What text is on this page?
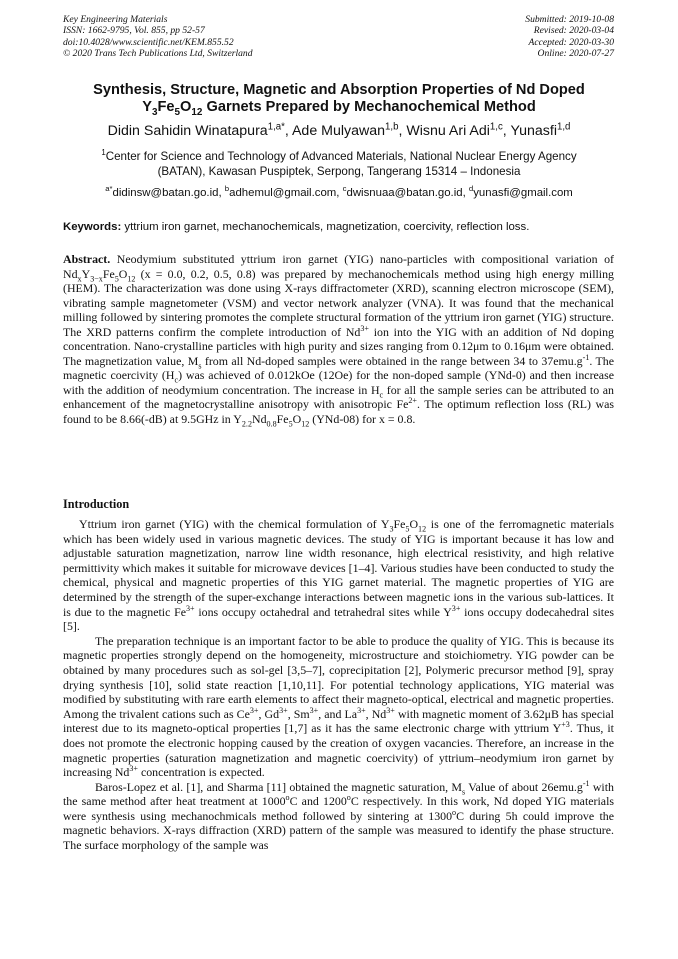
Key Engineering Materials
ISSN: 1662-9795, Vol. 855, pp 52-57
doi:10.4028/www.scientific.net/KEM.855.52
© 2020 Trans Tech Publications Ltd, Switzerland
Submitted: 2019-10-08
Revised: 2020-03-04
Accepted: 2020-03-30
Online: 2020-07-27
Synthesis, Structure, Magnetic and Absorption Properties of Nd Doped
$Y_3Fe_5O_{12}$ Garnets Prepared by Mechanochemical Method
Didin Sahidin Winatapura$^{1,a*}$, Ade Mulyawan$^{1,b}$, Wisnu Ari Adi$^{1,c}$, Yunasfi$^{1,d}$
$^1$Center for Science and Technology of Advanced Materials, National Nuclear Energy Agency
(BATAN), Kawasan Puspiptek, Serpong, Tangerang 15314 – Indonesia
$^{a*}$didinsw@batan.go.id, $^b$adhemul@gmail.com, $^c$dwisnuaa@batan.go.id, $^d$yunasfi@gmail.com
Keywords: yttrium iron garnet, mechanochemicals, magnetization, coercivity, reflection loss.
Abstract. Neodymium substituted yttrium iron garnet (YIG) nano-particles with compositional variation of $Nd_xY_{3-x}Fe_5O_{12}$ (x = 0.0, 0.2, 0.5, 0.8) was prepared by mechanochemicals method using high energy milling (HEM). The characterization was done using X-rays diffractometer (XRD), scanning electron microscope (SEM), vibrating sample magnetometer (VSM) and vector network analyzer (VNA). It was found that the mechanical milling followed by sintering promotes the complete structural formation of the yttrium iron garnet (YIG) structure. The XRD patterns confirm the complete introduction of $Nd^{3+}$ ion into the YIG with an addition of Nd doping concentration. Nano-crystalline particles with high purity and sizes ranging from 0.12μm to 0.16μm were obtained. The magnetization value, $M_s$ from all Nd-doped samples were obtained in the range between 34 to $37emu.g^{-1}$. The magnetic coercivity $(H_c)$ was achieved of 0.012kOe (12Oe) for the non-doped sample (YNd-0) and then increase with the addition of neodymium concentration. The increase in $H_c$ for all the sample series can be attributed to an enhancement of the magnetocrystalline anisotropy with anisotropic $Fe^{2+}$. The optimum reflection loss (RL) was found to be 8.66(-dB) at 9.5GHz in $Y_{2.2}Nd_{0.8}Fe_5O_{12}$ (YNd-08) for x = 0.8.
Introduction

Yttrium iron garnet (YIG) with the chemical formulation of $Y_3Fe_5O_{12}$ is one of the ferromagnetic materials which has been widely used in various magnetic devices. The study of YIG is important because it has low and adjustable saturation magnetization, narrow line width resonance, high electrical resistivity, and high relative permittivity which makes it suitable for microwave devices [1–4]. Various studies have been conducted to study the chemical, physical and magnetic properties of this YIG garnet material. The magnetic properties of YIG are determined by the strength of the super-exchange interactions between magnetic ions in the various sub-lattices. It is due to the magnetic $Fe^{3+}$ ions occupy octahedral and tetrahedral sites while $Y^{3+}$ ions occupy dodecahedral sites [5].

The preparation technique is an important factor to be able to produce the quality of YIG. This is because its magnetic properties strongly depend on the homogeneity, microstructure and stoichiometry. YIG powder can be obtained by many procedures such as sol-gel [3,5–7], coprecipitation [2], Polymeric precursor method [9], spray drying synthesis [10], solid state reaction [1,10,11]. For potential technology applications, YIG material was modified by substituting with rare earth elements to affect their magneto-optical, electrical and magnetic properties. Among the trivalent cations such as $Ce^{3+}$, $Gd^{3+}$, $Sm^{3+}$, and $La^{3+}$, $Nd^{3+}$ with magnetic moment of 3.62μB has special interest due to its magneto-optical properties [1,7] as it has the same electronic charge with yttrium $Y^{+3}$. Thus, it does not promote the electronic hopping caused by the creation of oxygen vacancies. Therefore, an increase in the magnetic properties (saturation magnetization and magnetic coercivity) of yttrium–neodymium iron garnet by increasing $Nd^{3+}$ concentration is expected.

Baros-Lopez et al. [1], and Sharma [11] obtained the magnetic saturation, $M_s$ Value of about $26emu.g^{-1}$ with the same method after heat treatment at 1000$^o$C and 1200$^o$C respectively. In this work, Nd doped YIG materials were synthesis using mechanochmicals method followed by sintering at 1300$^o$C during 5h could improve the magnetic behaviors. X-rays diffraction (XRD) pattern of the sample was measured to identify the phase structure. The surface morphology of the sample was
